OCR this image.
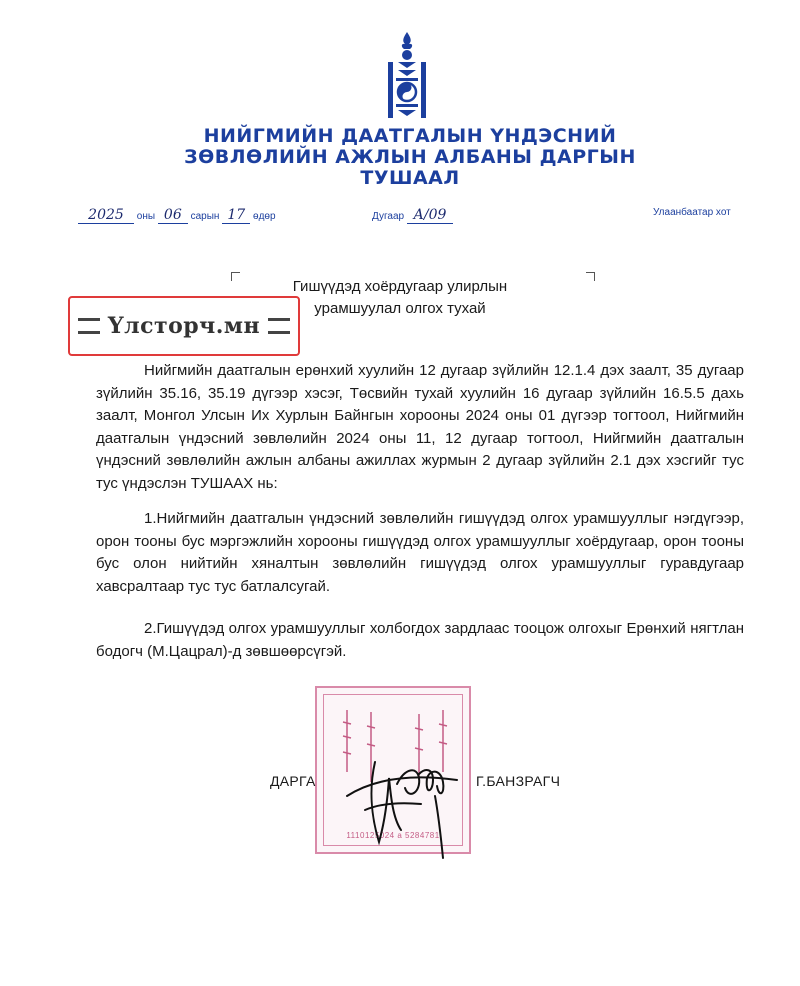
НИЙГМИЙН ДААТГАЛЫН ҮНДЭСНИЙ
ЗӨВЛӨЛИЙН АЖЛЫН АЛБАНЫ ДАРГЫН
ТУШААЛ
2025 оны 06 сарын 17 өдөр	Дугаар А/09	Улаанбаатар хот
Гишүүдэд хоёрдугаар улирлын
урамшуулал олгох тухай
Үлсторч.мн
Нийгмийн даатгалын ерөнхий хуулийн 12 дугаар зүйлийн 12.1.4 дэх заалт, 35 дугаар зүйлийн 35.16, 35.19 дүгээр хэсэг, Төсвийн тухай хуулийн 16 дугаар зүйлийн 16.5.5 дахь заалт, Монгол Улсын Их Хурлын Байнгын хорооны 2024 оны 01 дүгээр тогтоол, Нийгмийн даатгалын үндэсний зөвлөлийн 2024 оны 11, 12 дугаар тогтоол, Нийгмийн даатгалын үндэсний зөвлөлийн ажлын албаны ажиллах журмын 2 дугаар зүйлийн 2.1 дэх хэсгийг тус тус үндэслэн ТУШААХ нь:
1.Нийгмийн даатгалын үндэсний зөвлөлийн гишүүдэд олгох урамшууллыг нэгдүгээр, орон тооны бус мэргэжлийн хорооны гишүүдэд олгох урамшууллыг хоёрдугаар, орон тооны бус олон нийтийн хяналтын зөвлөлийн гишүүдэд олгох урамшууллыг гуравдугаар хавсралтаар тус тус батлалсугай.
2.Гишүүдэд олгох урамшууллыг холбогдох зардлаас тооцож олгохыг Ерөнхий нягтлан бодогч (М.Цацрал)-д зөвшөөрсүгэй.
1110125024 а 5284781
ДАРГА	Г.БАНЗРАГЧ
